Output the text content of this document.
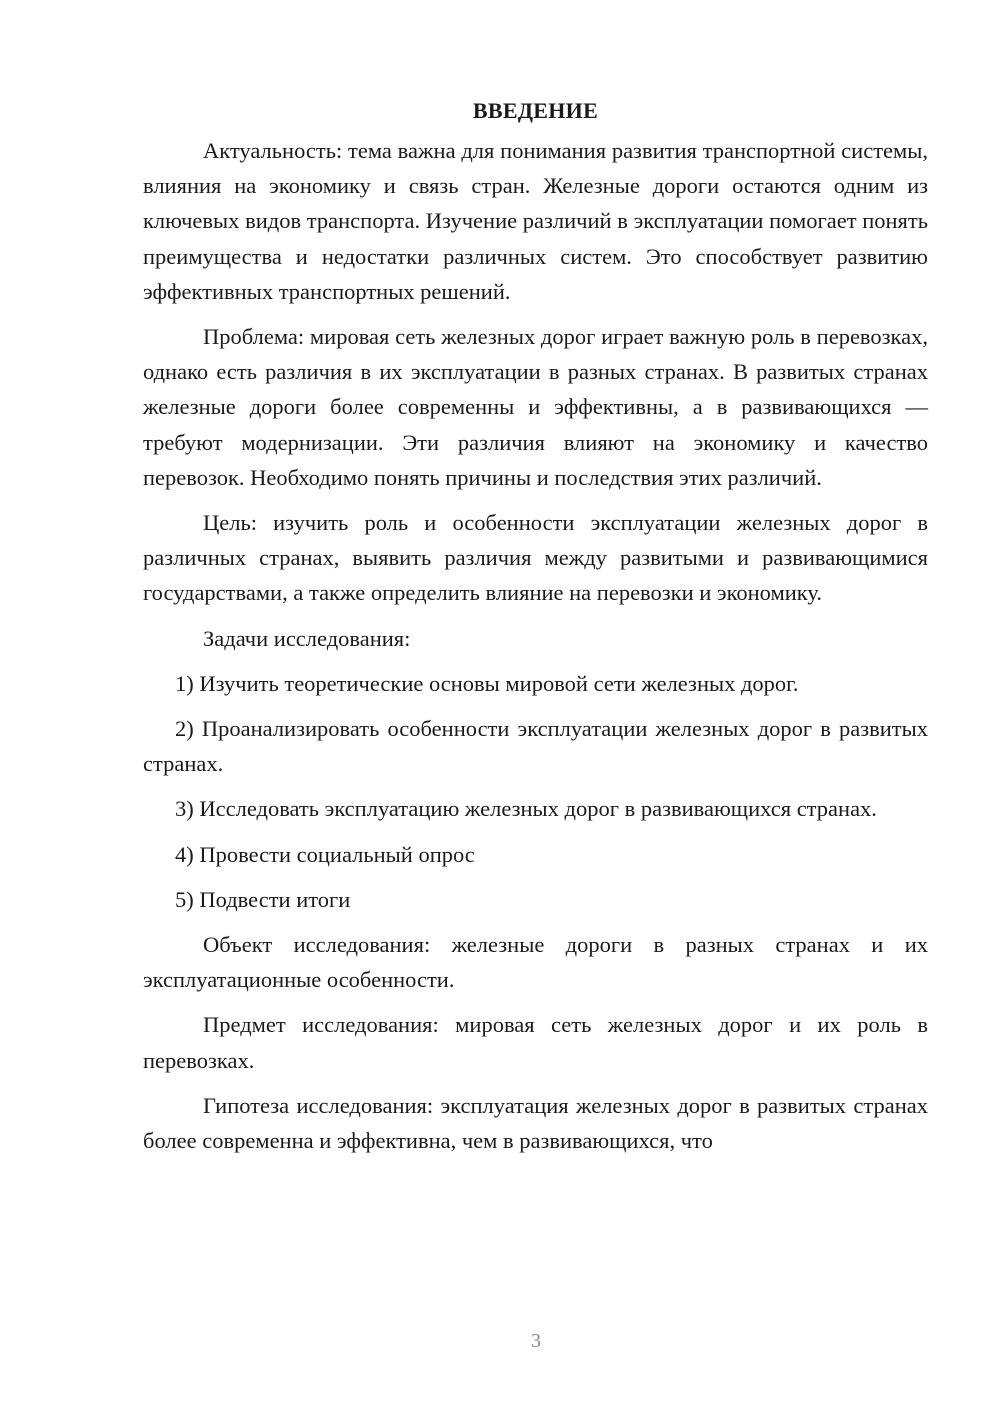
ВВЕДЕНИЕ

Актуальность: тема важна для понимания развития транспортной системы, влияния на экономику и связь стран. Железные дороги остаются одним из ключевых видов транспорта. Изучение различий в эксплуатации помогает понять преимущества и недостатки различных систем. Это способствует развитию эффективных транспортных решений.

Проблема: мировая сеть железных дорог играет важную роль в перевозках, однако есть различия в их эксплуатации в разных странах. В развитых странах железные дороги более современны и эффективны, а в развивающихся — требуют модернизации. Эти различия влияют на экономику и качество перевозок. Необходимо понять причины и последствия этих различий.

Цель: изучить роль и особенности эксплуатации железных дорог в различных странах, выявить различия между развитыми и развивающимися государствами, а также определить влияние на перевозки и экономику.

Задачи исследования:

1) Изучить теоретические основы мировой сети железных дорог.

2) Проанализировать особенности эксплуатации железных дорог в развитых странах.

3) Исследовать эксплуатацию железных дорог в развивающихся странах.

4) Провести социальный опрос

5) Подвести итоги

Объект исследования: железные дороги в разных странах и их эксплуатационные особенности.

Предмет исследования: мировая сеть железных дорог и их роль в перевозках.

Гипотеза исследования: эксплуатация железных дорог в развитых странах более современна и эффективна, чем в развивающихся, что

3
